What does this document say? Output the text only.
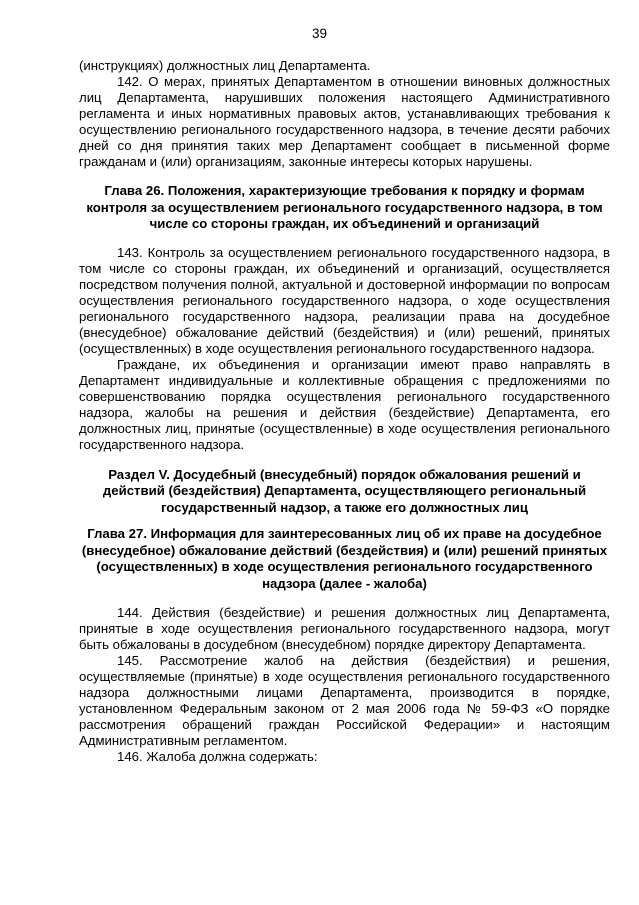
39

(инструкциях) должностных лиц Департамента.

142. О мерах, принятых Департаментом в отношении виновных должностных лиц Департамента, нарушивших положения настоящего Административного регламента и иных нормативных правовых актов, устанавливающих требования к осуществлению регионального государственного надзора, в течение десяти рабочих дней со дня принятия таких мер Департамент сообщает в письменной форме гражданам и (или) организациям, законные интересы которых нарушены.

Глава 26. Положения, характеризующие требования к порядку и формам контроля за осуществлением регионального государственного надзора, в том числе со стороны граждан, их объединений и организаций

143. Контроль за осуществлением регионального государственного надзора, в том числе со стороны граждан, их объединений и организаций, осуществляется посредством получения полной, актуальной и достоверной информации по вопросам осуществления регионального государственного надзора, о ходе осуществления регионального государственного надзора, реализации права на досудебное (внесудебное) обжалование действий (бездействия) и (или) решений, принятых (осуществленных) в ходе осуществления регионального государственного надзора.

Граждане, их объединения и организации имеют право направлять в Департамент индивидуальные и коллективные обращения с предложениями по совершенствованию порядка осуществления регионального государственного надзора, жалобы на решения и действия (бездействие) Департамента, его должностных лиц, принятые (осуществленные) в ходе осуществления регионального государственного надзора.

Раздел V. Досудебный (внесудебный) порядок обжалования решений и действий (бездействия) Департамента, осуществляющего региональный государственный надзор, а также его должностных лиц
Глава 27. Информация для заинтересованных лиц об их праве на досудебное (внесудебное) обжалование действий (бездействия) и (или) решений принятых (осуществленных) в ходе осуществления регионального государственного надзора (далее - жалоба)

144. Действия (бездействие) и решения должностных лиц Департамента, принятые в ходе осуществления регионального государственного надзора, могут быть обжалованы в досудебном (внесудебном) порядке директору Департамента.

145. Рассмотрение жалоб на действия (бездействия) и решения, осуществляемые (принятые) в ходе осуществления регионального государственного надзора должностными лицами Департамента, производится в порядке, установленном Федеральным законом от 2 мая 2006 года № 59-ФЗ «О порядке рассмотрения обращений граждан Российской Федерации» и настоящим Административным регламентом.

146. Жалоба должна содержать:
